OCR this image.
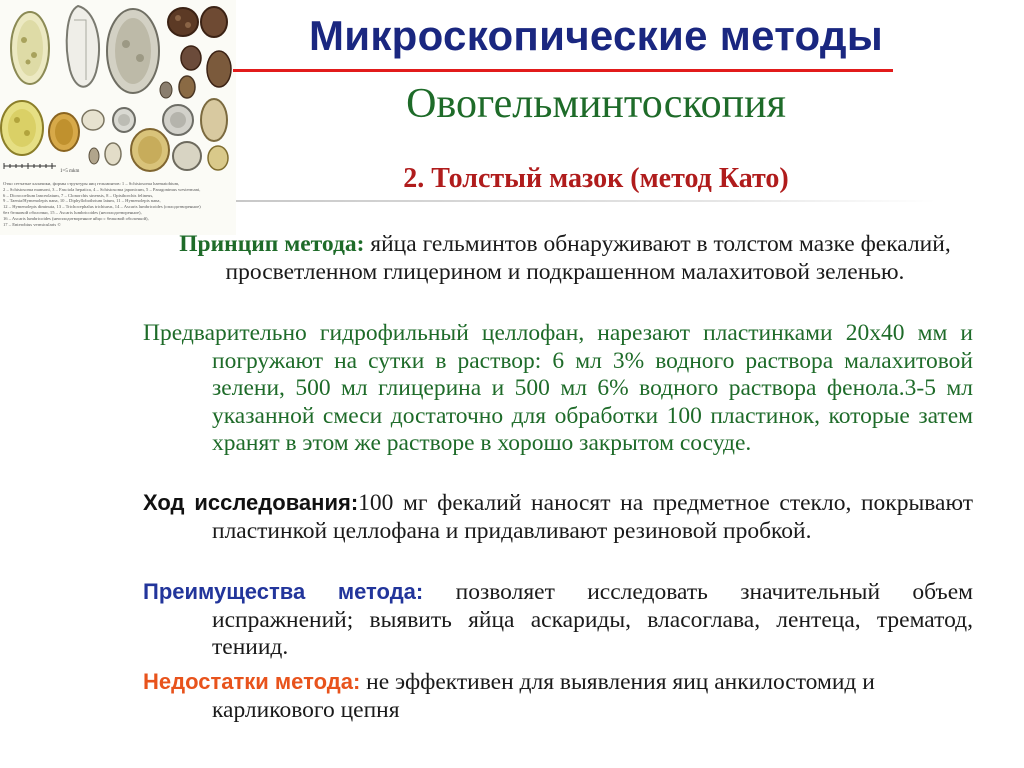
1=5 mkm
Отко сетчатые калачики, формы структуры яиц гельминтов: 1 – Schistosoma haematobium,
2 – Schistosoma mansoni, 3 – Fasciola hepatica, 4 – Schistosoma japonicum, 5 – Paragonimus westermani,
6 – Dicrocoelium lanceolatum, 7 – Clonorchis sinensis, 8 – Opisthorchis felineus,
9 – Taenia/Hymenolepis nana, 10 – Diphyllobothrium latum, 11 – Hymenolepis nana,
12 – Hymenolepis diminuta, 13 – Trichocephalus trichiurus, 14 – Ascaris lumbricoides (оплодотворенное)
без белковой оболочки, 15 – Ascaris lumbricoides (неоплодотворенное),
16 – Ascaris lumbricoides (неоплодотворенное яйцо с белковой оболочкой),
17 – Enterobius vermicularis ©
Микроскопические методы
Овогельминтоскопия
2. Толстый мазок (метод Като)
Принцип метода: яйца гельминтов обнаруживают в толстом мазке фекалий, просветленном глицерином и подкрашенном малахитовой зеленью.
Предварительно гидрофильный целлофан, нарезают пластинками 20х40 мм и погружают на сутки в раствор: 6 мл 3% водного раствора малахитовой зелени, 500 мл глицерина и 500 мл 6% водного раствора фенола.3-5 мл указанной смеси достаточно для обработки 100 пластинок, которые затем хранят в этом же растворе в хорошо закрытом сосуде.
Ход исследования:100 мг фекалий наносят на предметное стекло, покрывают пластинкой целлофана и придавливают резиновой пробкой.
Преимущества метода: позволяет исследовать значительный объем испражнений; выявить яйца аскариды, власоглава, лентеца, трематод, тениид.
Недостатки метода: не эффективен для выявления яиц анкилостомид и карликового цепня
